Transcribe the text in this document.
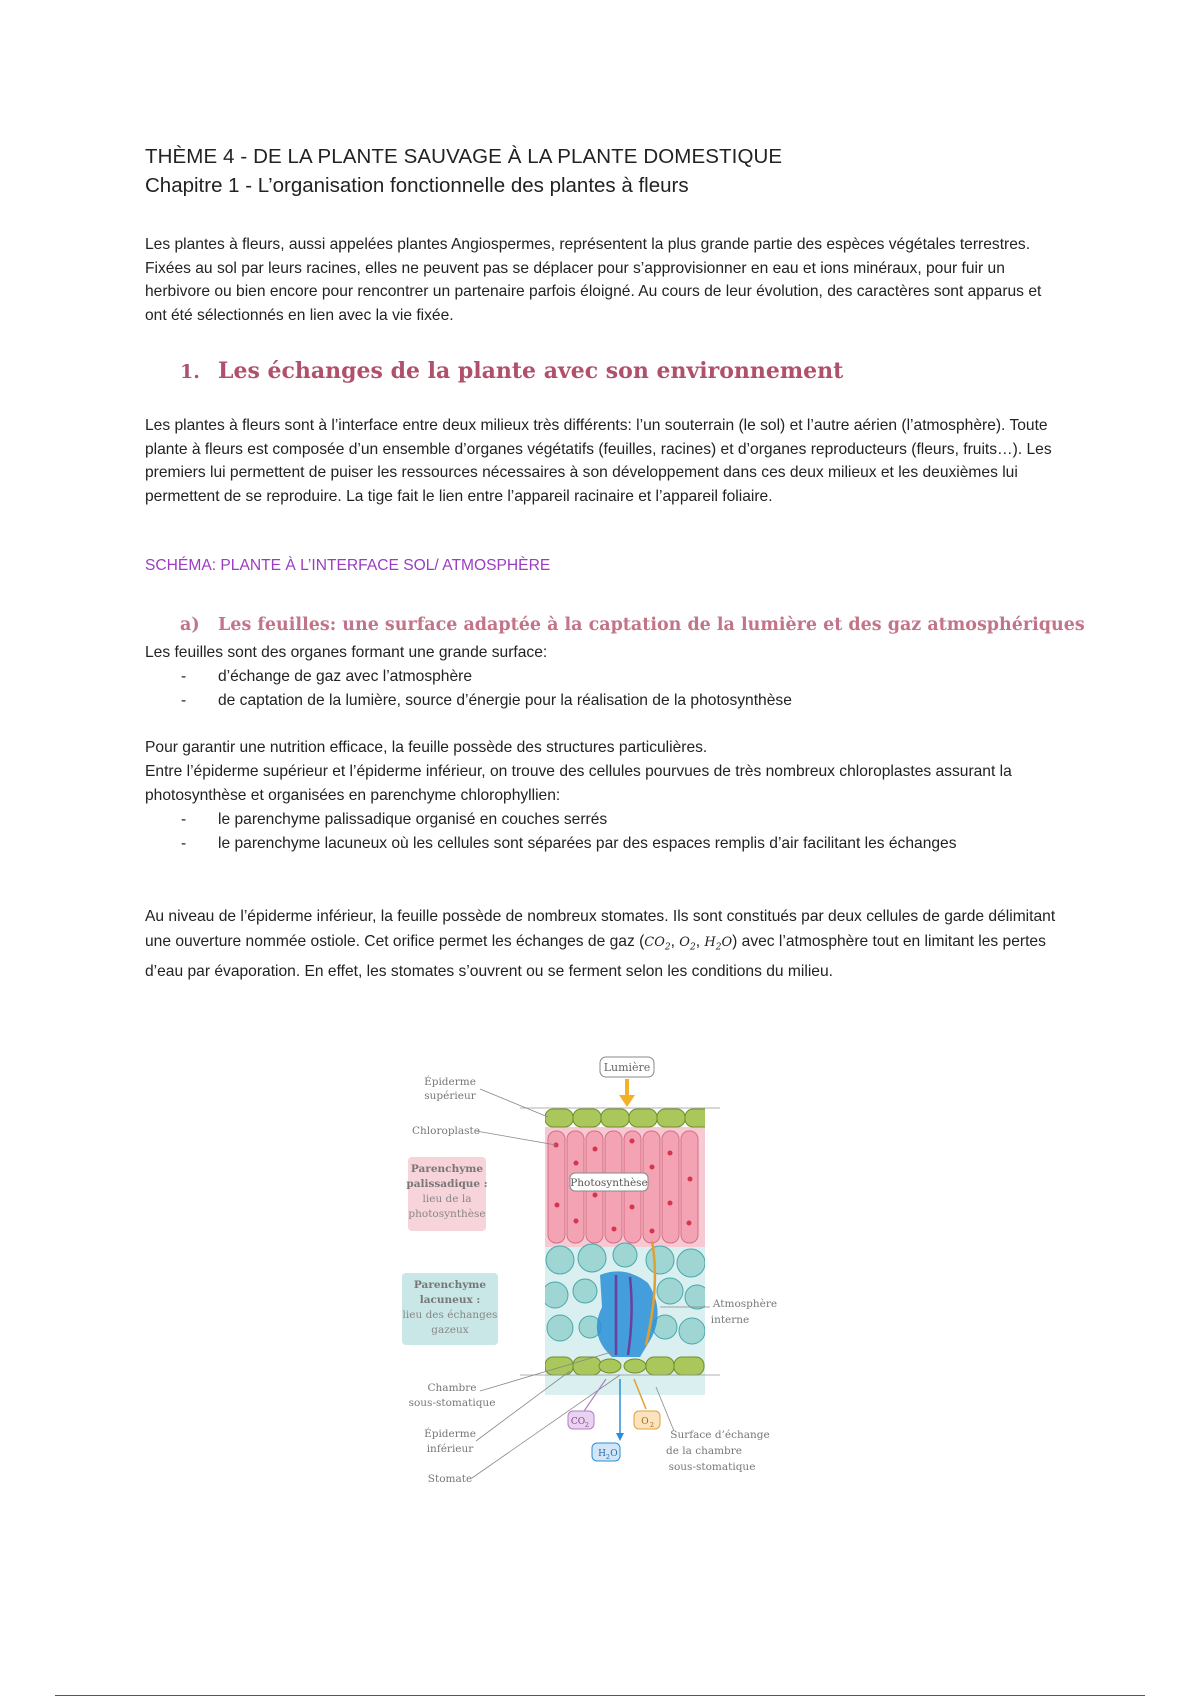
THÈME 4 - DE LA PLANTE SAUVAGE À LA PLANTE DOMESTIQUE
Chapitre 1 - L’organisation fonctionnelle des plantes à fleurs

Les plantes à fleurs, aussi appelées plantes Angiospermes, représentent la plus grande partie des espèces végétales terrestres. Fixées au sol par leurs racines, elles ne peuvent pas se déplacer pour s’approvisionner en eau et ions minéraux, pour fuir un herbivore ou bien encore pour rencontrer un partenaire parfois éloigné. Au cours de leur évolution, des caractères sont apparus et ont été sélectionnés en lien avec la vie fixée.

1. Les échanges de la plante avec son environnement

Les plantes à fleurs sont à l’interface entre deux milieux très différents: l’un souterrain (le sol) et l’autre aérien (l’atmosphère). Toute plante à fleurs est composée d’un ensemble d’organes végétatifs (feuilles, racines) et d’organes reproducteurs (fleurs, fruits…). Les premiers lui permettent de puiser les ressources nécessaires à son développement dans ces deux milieux et les deuxièmes lui permettent de se reproduire. La tige fait le lien entre l’appareil racinaire et l’appareil foliaire.

SCHÉMA: PLANTE À L’INTERFACE SOL/ ATMOSPHÈRE

a) Les feuilles: une surface adaptée à la captation de la lumière et des gaz atmosphériques

Les feuilles sont des organes formant une grande surface:

- d’échange de gaz avec l’atmosphère
- de captation de la lumière, source d’énergie pour la réalisation de la photosynthèse

Pour garantir une nutrition efficace, la feuille possède des structures particulières.

Entre l’épiderme supérieur et l’épiderme inférieur, on trouve des cellules pourvues de très nombreux chloroplastes assurant la photosynthèse et organisées en parenchyme chlorophyllien:

- le parenchyme palissadique organisé en couches serrés
- le parenchyme lacuneux où les cellules sont séparées par des espaces remplis d’air facilitant les échanges

Au niveau de l’épiderme inférieur, la feuille possède de nombreux stomates. Ils sont constitués par deux cellules de garde délimitant une ouverture nommée ostiole. Cet orifice permet les échanges de gaz ($CO_2$, $O_2$, $H_2O$) avec l’atmosphère tout en limitant les pertes d’eau par évaporation. En effet, les stomates s’ouvrent ou se ferment selon les conditions du milieu.

Lumière
Photosynthèse
Épiderme
supérieur
Chloroplaste
Parenchyme
palissadique :
lieu de la
photosynthèse
Parenchyme
lacuneux :
lieu des échanges
gazeux
Atmosphère
interne
Chambre
sous-stomatique
Épiderme
inférieur
Stomate
CO 2
H 2 O
O 2
Surface d’échange
de la chambre
sous-stomatique
